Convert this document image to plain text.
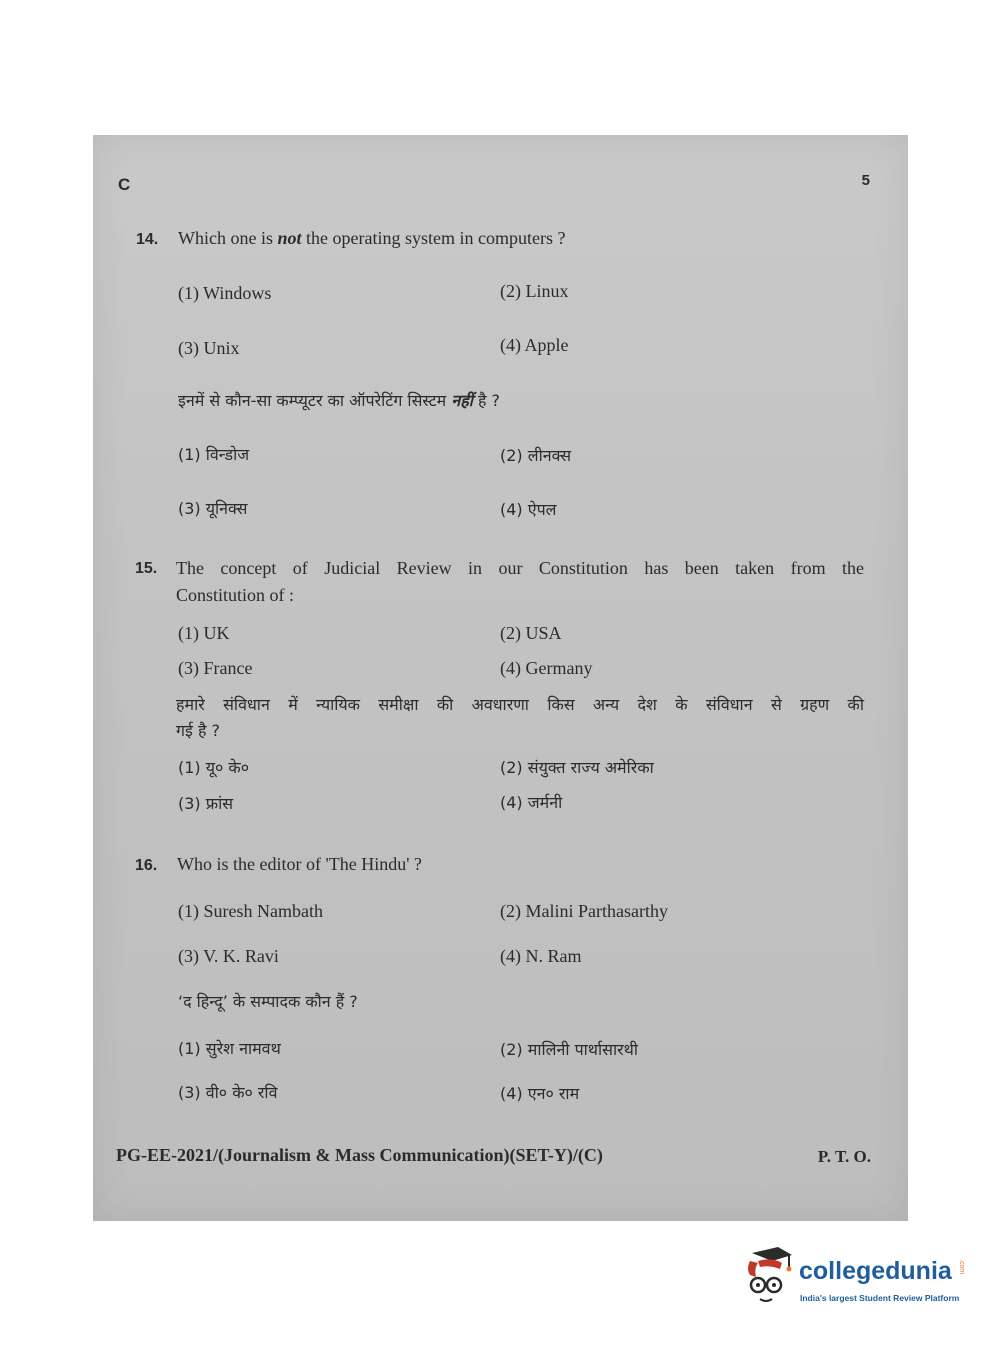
C	5
14. Which one is not the operating system in computers ?
(1) Windows	(2) Linux
(3) Unix	(4) Apple
इनमें से कौन-सा कम्प्यूटर का ऑपरेटिंग सिस्टम नहीं है ?
(1) विन्डोज	(2) लीनक्स
(3) यूनिक्स	(4) ऐपल
15. The concept of Judicial Review in our Constitution has been taken from the
Constitution of :
(1) UK	(2) USA
(3) France	(4) Germany
हमारे संविधान में न्यायिक समीक्षा की अवधारणा किस अन्य देश के संविधान से ग्रहण की
गई है ?
(1) यू० के०	(2) संयुक्त राज्य अमेरिका
(3) फ्रांस	(4) जर्मनी
16. Who is the editor of 'The Hindu' ?
(1) Suresh Nambath	(2) Malini Parthasarthy
(3) V. K. Ravi	(4) N. Ram
‘द हिन्दू’ के सम्पादक कौन हैं ?
(1) सुरेश नामवथ	(2) मालिनी पार्थासारथी
(3) वी० के० रवि	(4) एन० राम
PG-EE-2021/(Journalism & Mass Communication)(SET-Y)/(C)	P. T. O.
collegedunia .com
India's largest Student Review Platform
